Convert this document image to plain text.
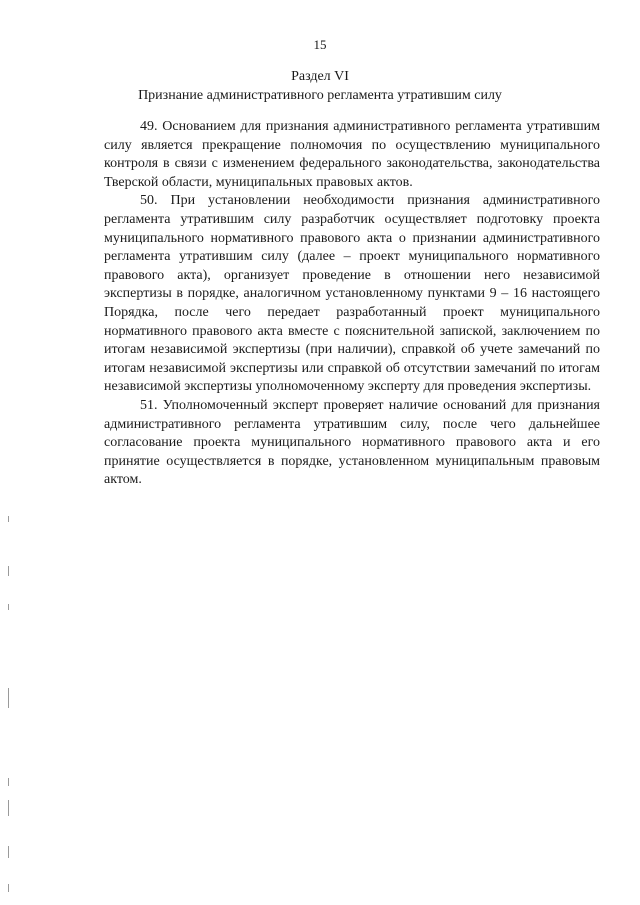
15
Раздел VI
Признание административного регламента утратившим силу

49. Основанием для признания административного регламента утратившим силу является прекращение полномочия по осуществлению муниципального контроля в связи с изменением федерального законодательства, законодательства Тверской области, муниципальных правовых актов.

50. При установлении необходимости признания административного регламента утратившим силу разработчик осуществляет подготовку проекта муниципального нормативного правового акта о признании административного регламента утратившим силу (далее – проект муниципального нормативного правового акта), организует проведение в отношении него независимой экспертизы в порядке, аналогичном установленному пунктами 9 – 16 настоящего Порядка, после чего передает разработанный проект муниципального нормативного правового акта вместе с пояснительной запиской, заключением по итогам независимой экспертизы (при наличии), справкой об учете замечаний по итогам независимой экспертизы или справкой об отсутствии замечаний по итогам независимой экспертизы уполномоченному эксперту для проведения экспертизы.

51. Уполномоченный эксперт проверяет наличие оснований для признания административного регламента утратившим силу, после чего дальнейшее согласование проекта муниципального нормативного правового акта и его принятие осуществляется в порядке, установленном муниципальным правовым актом.
